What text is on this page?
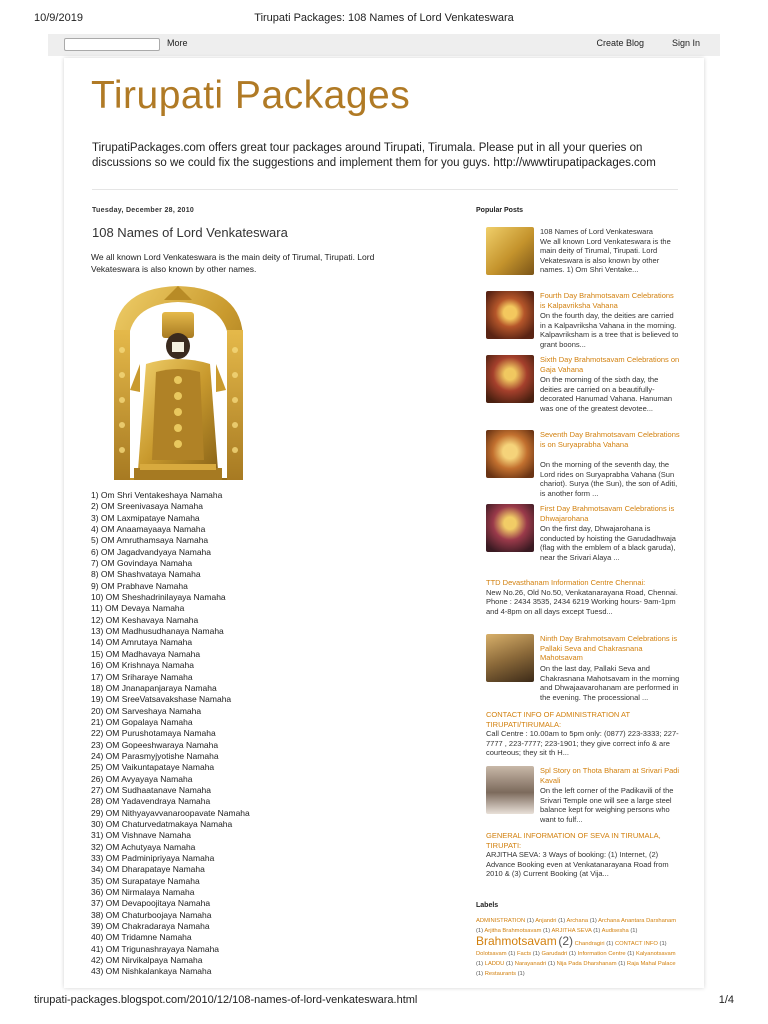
10/9/2019	Tirupati Packages: 108 Names of Lord Venkateswara
More	Create Blog	Sign In
Tirupati Packages
TirupatiPackages.com offers great tour packages around Tirupati, Tirumala. Please put in all your queries on discussions so we could fix the suggestions and implement them for you guys. http://wwwtirupatipackages.com
Tuesday, December 28, 2010
108 Names of Lord Venkateswara
We all known Lord Venkateswara is the main deity of Tirumal, Tirupati. Lord Vekateswara is also known by other names.
1) Om Shri Ventakeshaya Namaha
2) OM Sreenivasaya Namaha
3) OM Laxmipataye Namaha
4) OM Anaamayaaya Namaha
5) OM Amruthamsaya Namaha
6) OM Jagadvandyaya Namaha
7) OM Govindaya Namaha
8) OM Shashvataya Namaha
9) OM Prabhave Namaha
10) OM Sheshadrinilayaya Namaha
11) OM Devaya Namaha
12) OM Keshavaya Namaha
13) OM Madhusudhanaya Namaha
14) OM Amrutaya Namaha
15) OM Madhavaya Namaha
16) OM Krishnaya Namaha
17) OM Sriharaye Namaha
18) OM Jnanapanjaraya Namaha
19) OM SreeVatsavakshase Namaha
20) OM Sarveshaya Namaha
21) OM Gopalaya Namaha
22) OM Purushotamaya Namaha
23) OM Gopeeshwaraya Namaha
24) OM Parasmyjyotishe Namaha
25) OM Vaikuntapataye Namaha
26) OM Avyayaya Namaha
27) OM Sudhaatanave Namaha
28) OM Yadavendraya Namaha
29) OM Nithyayavvanaroopavate Namaha
30) OM Chaturvedatmakaya Namaha
31) OM Vishnave Namaha
32) OM Achutyaya Namaha
33) OM Padminipriyaya Namaha
34) OM Dharapataye Namaha
35) OM Surapataye Namaha
36) OM Nirmalaya Namaha
37) OM Devapoojitaya Namaha
38) OM Chaturboojaya Namaha
39) OM Chakradaraya Namaha
40) OM Tridamne Namaha
41) OM Trigunashrayaya Namaha
42) OM Nirvikalpaya Namaha
43) OM Nishkalankaya Namaha
Popular Posts
108 Names of Lord Venkateswara
We all known Lord Venkateswara is the main deity of Tirumal, Tirupati. Lord Vekateswara is also known by other names. 1) Om Shri Ventake...
Fourth Day Brahmotsavam Celebrations is Kalpavriksha Vahana
On the fourth day, the deities are carried in a Kalpavriksha Vahana in the morning. Kalpavriksham is a tree that is believed to grant boons...
Sixth Day Brahmotsavam Celebrations on Gaja Vahana
On the morning of the sixth day, the deities are carried on a beautifully-decorated Hanumad Vahana. Hanuman was one of the greatest devotee...
Seventh Day Brahmotsavam Celebrations is on Suryaprabha Vahana
On the morning of the seventh day, the Lord rides on Suryaprabha Vahana (Sun chariot). Surya (the Sun), the son of Aditi, is another form ...
First Day Brahmotsavam Celebrations is Dhwajarohana
On the first day, Dhwajarohana is conducted by hoisting the Garudadhwaja (flag with the emblem of a black garuda), near the Srivari Alaya ...
TTD Devasthanam Information Centre Chennai:
New No.26, Old No.50, Venkatanarayana Road, Chennai. Phone : 2434 3535, 2434 6219 Working hours- 9am-1pm and 4-8pm on all days except Tuesd...
Ninth Day Brahmotsavam Celebrations is Pallaki Seva and Chakrasnana Mahotsavam
On the last day, Pallaki Seva and Chakrasnana Mahotsavam in the morning and Dhwajaavarohanam are performed in the evening. The processional ...
CONTACT INFO OF ADMINISTRATION AT TIRUPATI/TIRUMALA:
Call Centre : 10.00am to 5pm only: (0877) 223-3333; 227-7777 , 223-7777; 223-1901; they give correct info & are courteous; they sit th H...
Spl Story on Thota Bharam at Srivari Padi Kavali
On the left corner of the Padikavili of the Srivari Temple one will see a large steel balance kept for weighing persons who want to fulf...
GENERAL INFORMATION OF SEVA IN TIRUMALA, TIRUPATI:
ARJITHA SEVA: 3 Ways of booking: (1) Internet, (2) Advance Booking even at Venkatanarayana Road from 2010 & (3) Current Booking (at Vija...
Labels
ADMINISTRATION (1) Anjandri (1) Archana (1) Archana Anantara Darshanam (1) Arjitha Brahmotsavam (1) ARJITHA SEVA (1) Audisesha (1) Brahmotsavam (2) Chandragiri (1) CONTACT INFO (1) Dolotsavam (1) Facts (1) Garudadri (1) Information Centre (1) Kalyanotsavam (1) LADDU (1) Narayanadri (1) Nija Pada Dharshanam (1) Raja Mahal Palace (1) Restaurants (1)
tirupati-packages.blogspot.com/2010/12/108-names-of-lord-venkateswara.html	1/4
